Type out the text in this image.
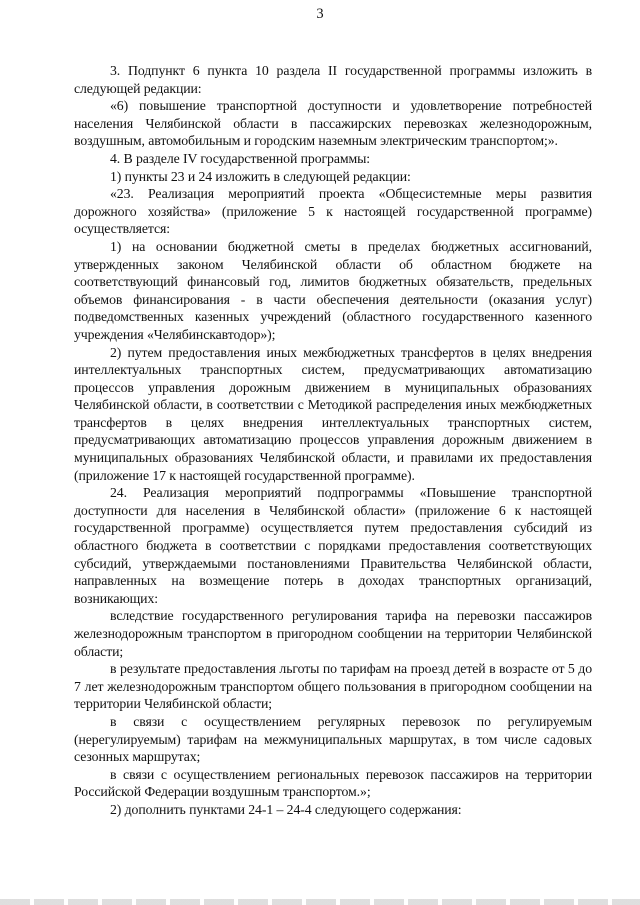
3

3. Подпункт 6 пункта 10 раздела II государственной программы изложить в следующей редакции:

«6) повышение транспортной доступности и удовлетворение потребностей населения Челябинской области в пассажирских перевозках железнодорожным, воздушным, автомобильным и городским наземным электрическим транспортом;».

4. В разделе IV государственной программы:

1) пункты 23 и 24 изложить в следующей редакции:

«23. Реализация мероприятий проекта «Общесистемные меры развития дорожного хозяйства» (приложение 5 к настоящей государственной программе) осуществляется:

1) на основании бюджетной сметы в пределах бюджетных ассигнований, утвержденных законом Челябинской области об областном бюджете на соответствующий финансовый год, лимитов бюджетных обязательств, предельных объемов финансирования - в части обеспечения деятельности (оказания услуг) подведомственных казенных учреждений (областного государственного казенного учреждения «Челябинскавтодор»);

2) путем предоставления иных межбюджетных трансфертов в целях внедрения интеллектуальных транспортных систем, предусматривающих автоматизацию процессов управления дорожным движением в муниципальных образованиях Челябинской области, в соответствии с Методикой распределения иных межбюджетных трансфертов в целях внедрения интеллектуальных транспортных систем, предусматривающих автоматизацию процессов управления дорожным движением в муниципальных образованиях Челябинской области, и правилами их предоставления (приложение 17 к настоящей государственной программе).

24. Реализация мероприятий подпрограммы «Повышение транспортной доступности для населения в Челябинской области» (приложение 6 к настоящей государственной программе) осуществляется путем предоставления субсидий из областного бюджета в соответствии с порядками предоставления соответствующих субсидий, утверждаемыми постановлениями Правительства Челябинской области, направленных на возмещение потерь в доходах транспортных организаций, возникающих:

вследствие государственного регулирования тарифа на перевозки пассажиров железнодорожным транспортом в пригородном сообщении на территории Челябинской области;

в результате предоставления льготы по тарифам на проезд детей в возрасте от 5 до 7 лет железнодорожным транспортом общего пользования в пригородном сообщении на территории Челябинской области;

в связи с осуществлением регулярных перевозок по регулируемым (нерегулируемым) тарифам на межмуниципальных маршрутах, в том числе садовых сезонных маршрутах;

в связи с осуществлением региональных перевозок пассажиров на территории Российской Федерации воздушным транспортом.»;

2) дополнить пунктами 24-1 – 24-4 следующего содержания:
